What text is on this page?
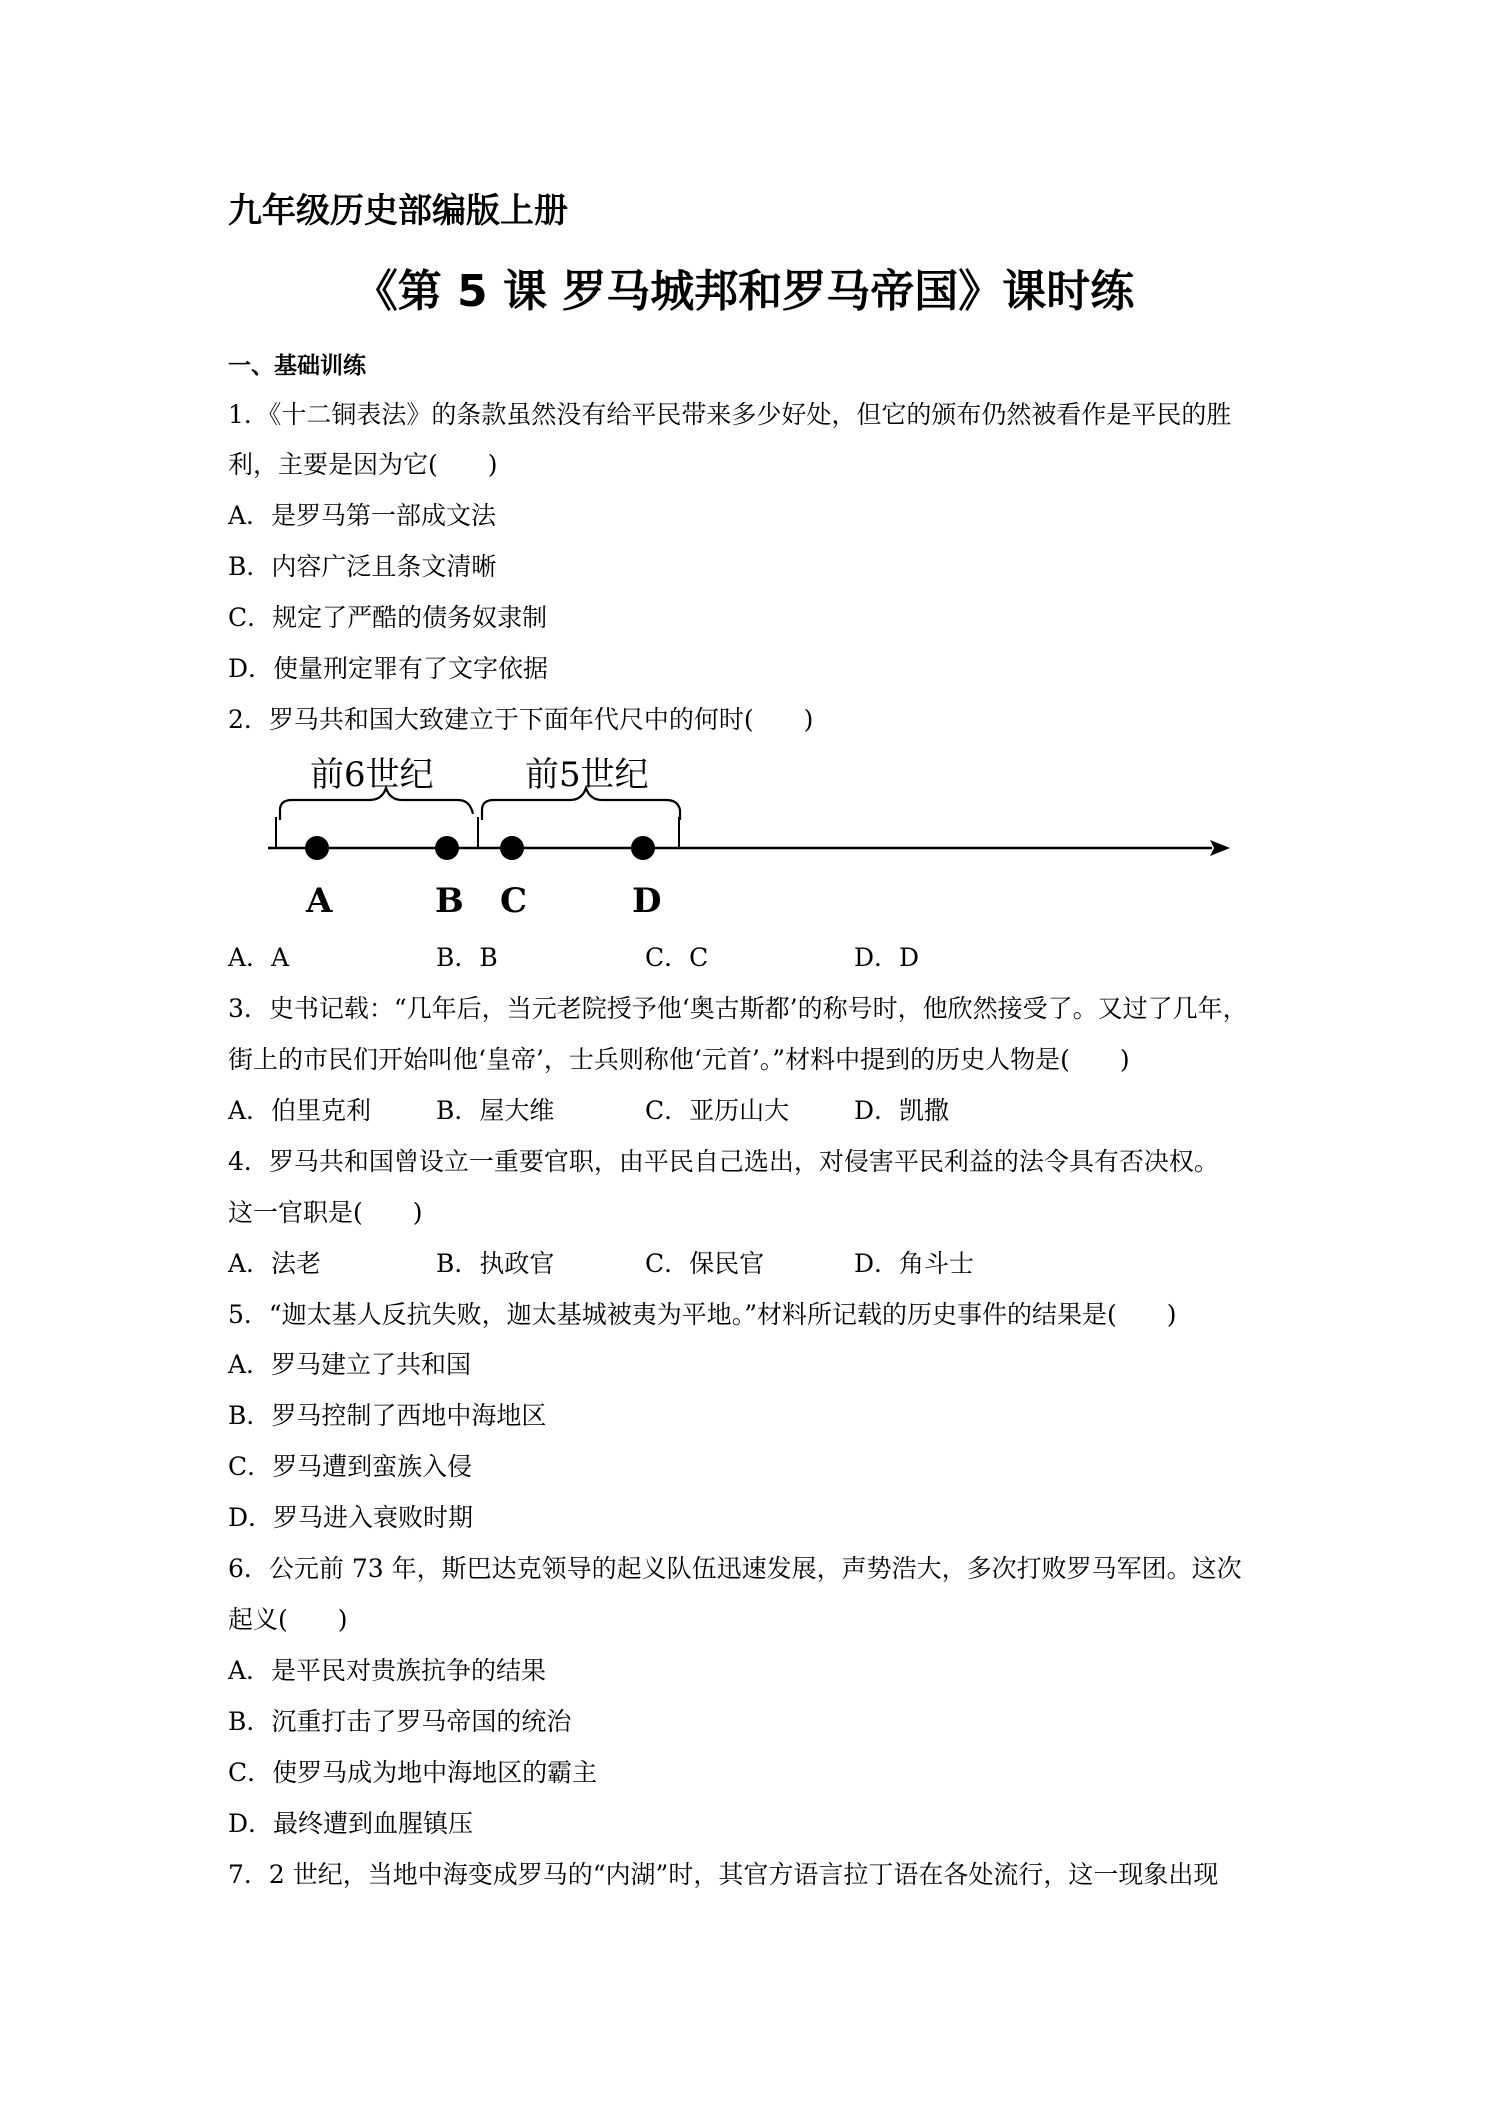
九年级历史部编版上册
《第 5 课 罗马城邦和罗马帝国》课时练
一、基础训练
1．《十二铜表法》的条款虽然没有给平民带来多少好处，但它的颁布仍然被看作是平民的胜
利，主要是因为它(　　)
A．是罗马第一部成文法
B．内容广泛且条文清晰
C．规定了严酷的债务奴隶制
D．使量刑定罪有了文字依据
2．罗马共和国大致建立于下面年代尺中的何时(　　)
前6世纪	前5世纪
A	B C	D
A．A	B．B	C．C	D．D
3．史书记载：“几年后，当元老院授予他‘奥古斯都’的称号时，他欣然接受了。又过了几年，
街上的市民们开始叫他‘皇帝’，士兵则称他‘元首’。”材料中提到的历史人物是(　　)
A．伯里克利	B．屋大维	C．亚历山大	D．凯撒
4．罗马共和国曾设立一重要官职，由平民自己选出，对侵害平民利益的法令具有否决权。
这一官职是(　　)
A．法老	B．执政官	C．保民官	D．角斗士
5．“迦太基人反抗失败，迦太基城被夷为平地。”材料所记载的历史事件的结果是(　　)
A．罗马建立了共和国
B．罗马控制了西地中海地区
C．罗马遭到蛮族入侵
D．罗马进入衰败时期
6．公元前 73 年，斯巴达克领导的起义队伍迅速发展，声势浩大，多次打败罗马军团。这次
起义(　　)
A．是平民对贵族抗争的结果
B．沉重打击了罗马帝国的统治
C．使罗马成为地中海地区的霸主
D．最终遭到血腥镇压
7．2 世纪，当地中海变成罗马的“内湖”时，其官方语言拉丁语在各处流行，这一现象出现
